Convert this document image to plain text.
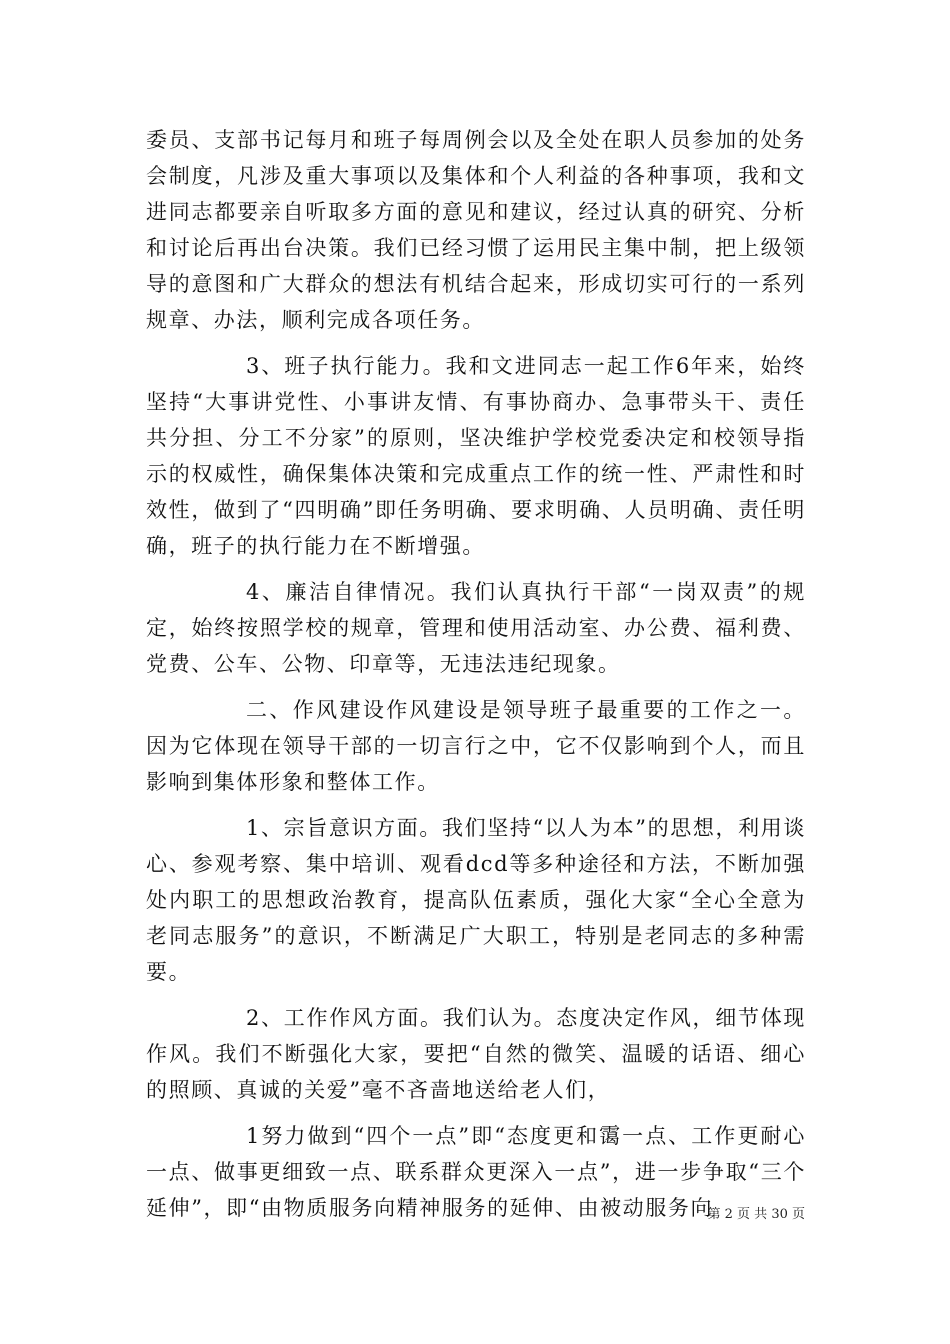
委员、支部书记每月和班子每周例会以及全处在职人员参加的处务会制度，凡涉及重大事项以及集体和个人利益的各种事项，我和文进同志都要亲自听取多方面的意见和建议，经过认真的研究、分析和讨论后再出台决策。我们已经习惯了运用民主集中制，把上级领导的意图和广大群众的想法有机结合起来，形成切实可行的一系列规章、办法，顺利完成各项任务。

3、班子执行能力。我和文进同志一起工作6年来，始终坚持“大事讲党性、小事讲友情、有事协商办、急事带头干、责任共分担、分工不分家”的原则，坚决维护学校党委决定和校领导指示的权威性，确保集体决策和完成重点工作的统一性、严肃性和时效性，做到了“四明确”即任务明确、要求明确、人员明确、责任明确，班子的执行能力在不断增强。

4、廉洁自律情况。我们认真执行干部“一岗双责”的规定，始终按照学校的规章，管理和使用活动室、办公费、福利费、党费、公车、公物、印章等，无违法违纪现象。

二、作风建设作风建设是领导班子最重要的工作之一。因为它体现在领导干部的一切言行之中，它不仅影响到个人，而且影响到集体形象和整体工作。

1、宗旨意识方面。我们坚持“以人为本”的思想，利用谈心、参观考察、集中培训、观看dcd等多种途径和方法，不断加强处内职工的思想政治教育，提高队伍素质，强化大家“全心全意为老同志服务”的意识，不断满足广大职工，特别是老同志的多种需要。

2、工作作风方面。我们认为。态度决定作风，细节体现作风。我们不断强化大家，要把“自然的微笑、温暖的话语、细心的照顾、真诚的关爱”毫不吝啬地送给老人们，

1努力做到“四个一点”即“态度更和霭一点、工作更耐心一点、做事更细致一点、联系群众更深入一点”，进一步争取“三个延伸”，即“由物质服务向精神服务的延伸、由被动服务向

第 2 页 共 30 页
